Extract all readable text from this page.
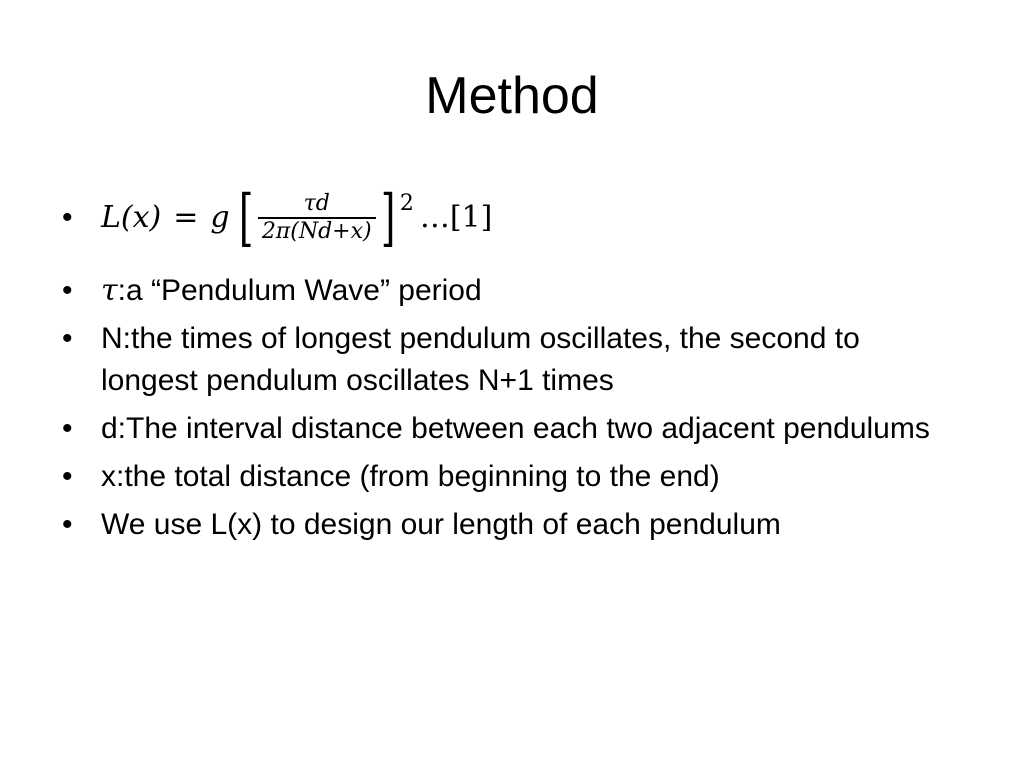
Method
• L(x) = g [ $\frac{\tau d}{2\pi(Nd+x)}$ ] 2 …[1]
• τ:a “Pendulum Wave” period
• N:the times of longest pendulum oscillates, the second to longest pendulum oscillates N+1 times
• d:The interval distance between each two adjacent pendulums
• x:the total distance (from beginning to the end)
• We use L(x) to design our length of each pendulum
